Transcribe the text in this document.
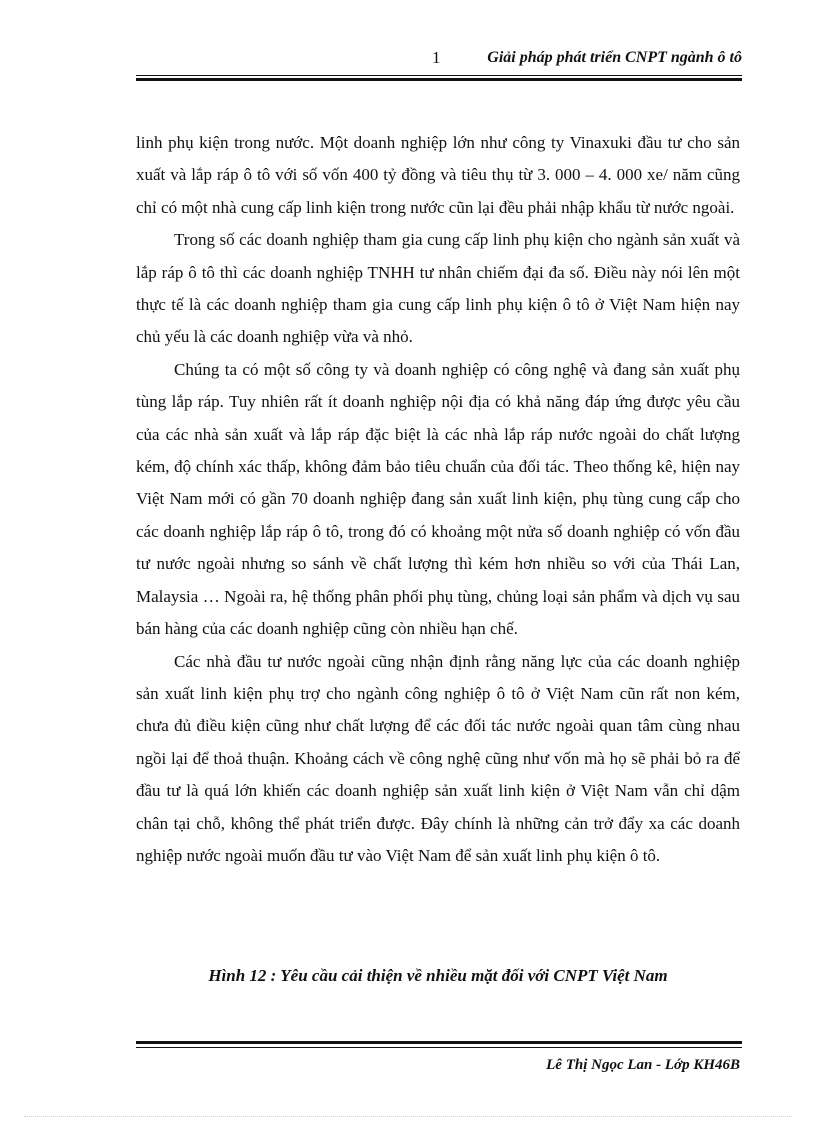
1	Giải pháp phát triển CNPT ngành ô tô

linh phụ kiện trong nước. Một doanh nghiệp lớn như công ty Vinaxuki đầu tư cho sản xuất và lắp ráp ô tô với số vốn 400 tỷ đồng và tiêu thụ từ 3. 000 – 4. 000 xe/ năm cũng chỉ có một nhà cung cấp linh kiện trong nước cũn lại đều phải nhập khẩu từ nước ngoài.

Trong số các doanh nghiệp tham gia cung cấp linh phụ kiện cho ngành sản xuất và lắp ráp ô tô thì các doanh nghiệp TNHH tư nhân chiếm đại đa số. Điều này nói lên một thực tế là các doanh nghiệp tham gia cung cấp linh phụ kiện ô tô ở Việt Nam hiện nay chủ yếu là các doanh nghiệp vừa và nhỏ.

Chúng ta có một số công ty và doanh nghiệp có công nghệ và đang sản xuất phụ tùng lắp ráp. Tuy nhiên rất ít doanh nghiệp nội địa có khả năng đáp ứng được yêu cầu của các nhà sản xuất và lắp ráp đặc biệt là các nhà lắp ráp nước ngoài do chất lượng kém, độ chính xác thấp, không đảm bảo tiêu chuẩn của đối tác. Theo thống kê, hiện nay Việt Nam mới có gần 70 doanh nghiệp đang sản xuất linh kiện, phụ tùng cung cấp cho các doanh nghiệp lắp ráp ô tô, trong đó có khoảng một nửa số doanh nghiệp có vốn đầu tư nước ngoài nhưng so sánh về chất lượng thì kém hơn nhiều so với của Thái Lan, Malaysia … Ngoài ra, hệ thống phân phối phụ tùng, chủng loại sản phẩm và dịch vụ sau bán hàng của các doanh nghiệp cũng còn nhiều hạn chế.

Các nhà đầu tư nước ngoài cũng nhận định rằng năng lực của các doanh nghiệp sản xuất linh kiện phụ trợ cho ngành công nghiệp ô tô ở Việt Nam cũn rất non kém, chưa đủ điều kiện cũng như chất lượng để các đối tác nước ngoài quan tâm cùng nhau ngồi lại để thoả thuận. Khoảng cách về công nghệ cũng như vốn mà họ sẽ phải bỏ ra để đầu tư là quá lớn khiến các doanh nghiệp sản xuất linh kiện ở Việt Nam vẫn chỉ dậm chân tại chỗ, không thể phát triển được. Đây chính là những cản trở đẩy xa các doanh nghiệp nước ngoài muốn đầu tư vào Việt Nam để sản xuất linh phụ kiện ô tô.

Hình 12 : Yêu cầu cải thiện về nhiều mặt đối với CNPT Việt Nam
Lê Thị Ngọc Lan - Lớp KH46B
